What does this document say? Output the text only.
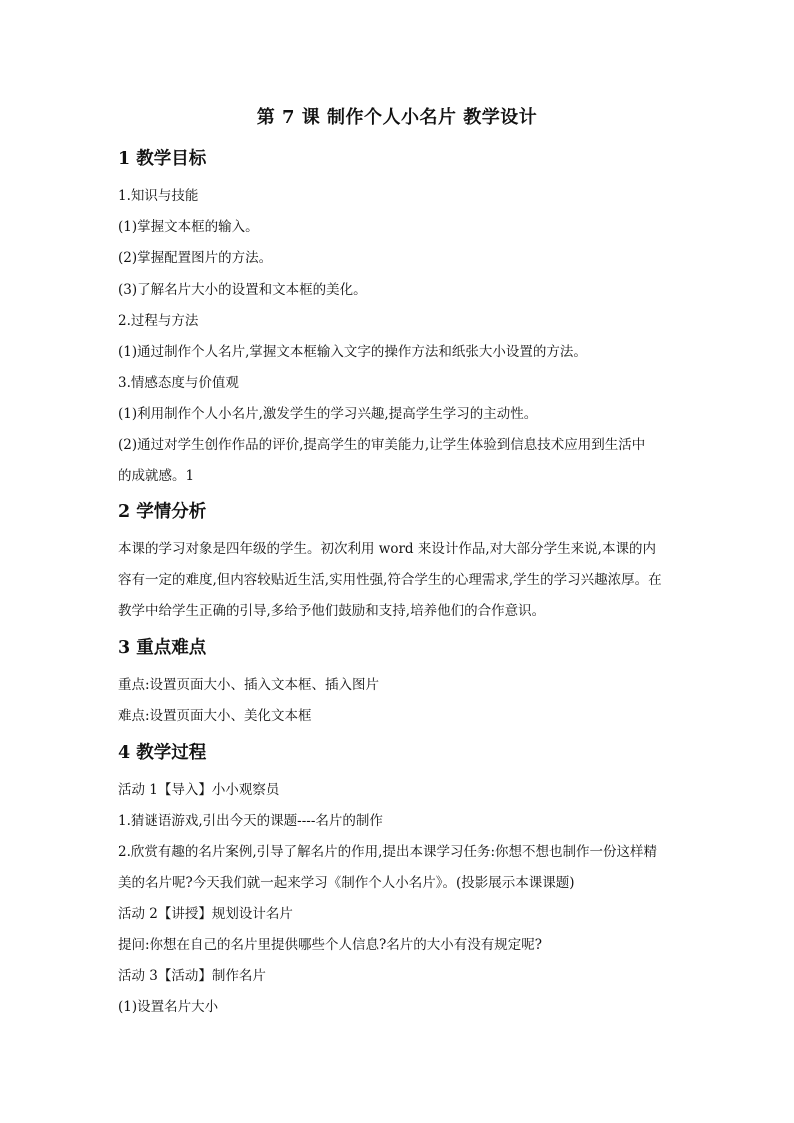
第 7 课 制作个人小名片 教学设计
1 教学目标
1.知识与技能
(1)掌握文本框的输入。
(2)掌握配置图片的方法。
(3)了解名片大小的设置和文本框的美化。
2.过程与方法
(1)通过制作个人名片,掌握文本框输入文字的操作方法和纸张大小设置的方法。
3.情感态度与价值观
(1)利用制作个人小名片,激发学生的学习兴趣,提高学生学习的主动性。
(2)通过对学生创作作品的评价,提高学生的审美能力,让学生体验到信息技术应用到生活中
的成就感。1
2 学情分析
本课的学习对象是四年级的学生。初次利用 word 来设计作品,对大部分学生来说,本课的内
容有一定的难度,但内容较贴近生活,实用性强,符合学生的心理需求,学生的学习兴趣浓厚。在
教学中给学生正确的引导,多给予他们鼓励和支持,培养他们的合作意识。
3 重点难点
重点:设置页面大小、插入文本框、插入图片
难点:设置页面大小、美化文本框
4 教学过程
活动 1【导入】小小观察员
1.猜谜语游戏,引出今天的课题----名片的制作
2.欣赏有趣的名片案例,引导了解名片的作用,提出本课学习任务:你想不想也制作一份这样精
美的名片呢?今天我们就一起来学习《制作个人小名片》。(投影展示本课课题)
活动 2【讲授】规划设计名片
提问:你想在自己的名片里提供哪些个人信息?名片的大小有没有规定呢?
活动 3【活动】制作名片
(1)设置名片大小
